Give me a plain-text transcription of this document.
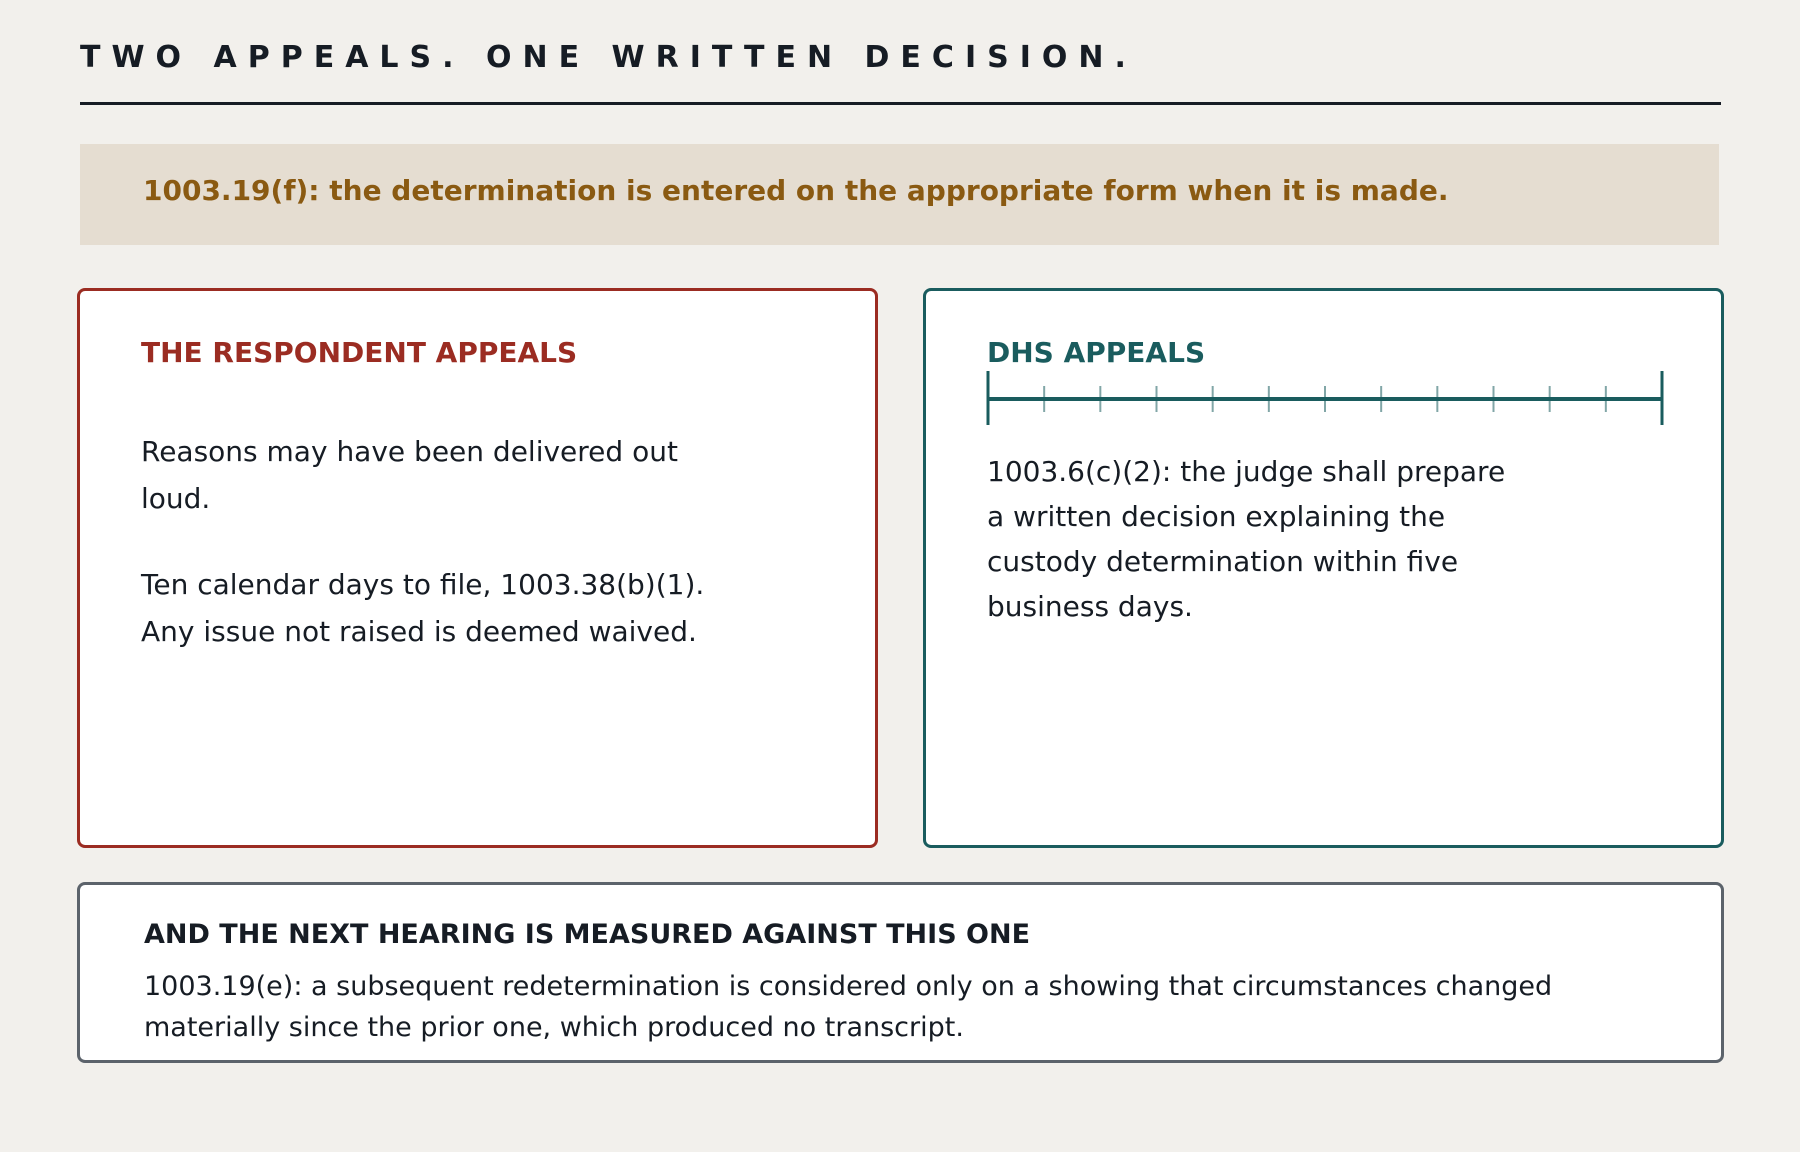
TWO APPEALS. ONE WRITTEN DECISION.
1003.19(f): the determination is entered on the appropriate form when it is made.
THE RESPONDENT APPEALS
Reasons may have been delivered out loud.
Ten calendar days to file, 1003.38(b)(1). Any issue not raised is deemed waived.
DHS APPEALS
1003.6(c)(2): the judge shall prepare a written decision explaining the custody determination within five business days.
AND THE NEXT HEARING IS MEASURED AGAINST THIS ONE
1003.19(e): a subsequent redetermination is considered only on a showing that circumstances changed materially since the prior one, which produced no transcript.
